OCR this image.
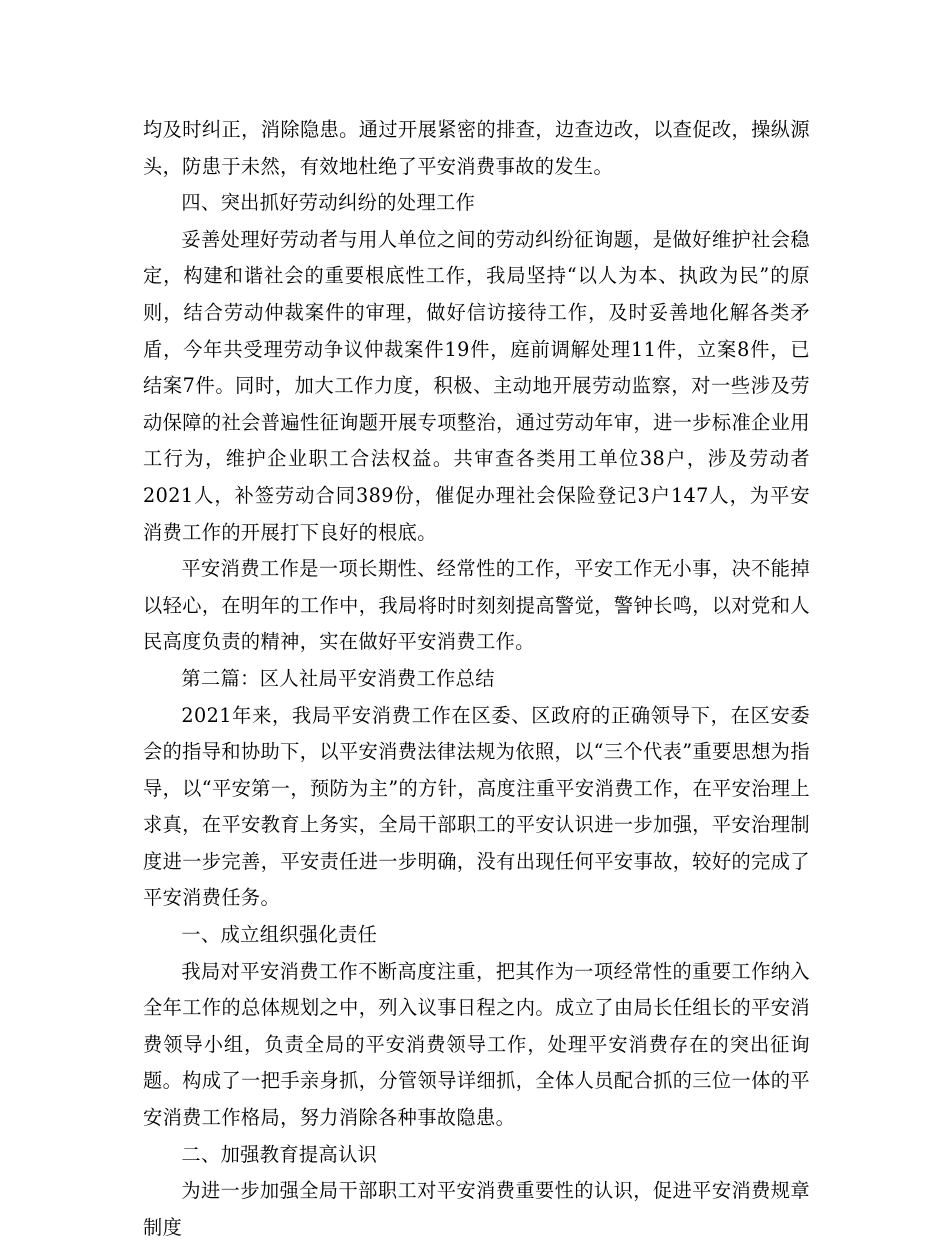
均及时纠正，消除隐患。通过开展紧密的排查，边查边改，以查促改，操纵源头，防患于未然，有效地杜绝了平安消费事故的发生。

四、突出抓好劳动纠纷的处理工作

妥善处理好劳动者与用人单位之间的劳动纠纷征询题，是做好维护社会稳定，构建和谐社会的重要根底性工作，我局坚持“以人为本、执政为民”的原则，结合劳动仲裁案件的审理，做好信访接待工作，及时妥善地化解各类矛盾，今年共受理劳动争议仲裁案件19件，庭前调解处理11件，立案8件，已结案7件。同时，加大工作力度，积极、主动地开展劳动监察，对一些涉及劳动保障的社会普遍性征询题开展专项整治，通过劳动年审，进一步标准企业用工行为，维护企业职工合法权益。共审查各类用工单位38户，涉及劳动者2021人，补签劳动合同389份，催促办理社会保险登记3户147人，为平安消费工作的开展打下良好的根底。

平安消费工作是一项长期性、经常性的工作，平安工作无小事，决不能掉以轻心，在明年的工作中，我局将时时刻刻提高警觉，警钟长鸣，以对党和人民高度负责的精神，实在做好平安消费工作。

第二篇：区人社局平安消费工作总结

2021年来，我局平安消费工作在区委、区政府的正确领导下，在区安委会的指导和协助下，以平安消费法律法规为依照，以“三个代表”重要思想为指导，以“平安第一，预防为主”的方针，高度注重平安消费工作，在平安治理上求真，在平安教育上务实，全局干部职工的平安认识进一步加强，平安治理制度进一步完善，平安责任进一步明确，没有出现任何平安事故，较好的完成了平安消费任务。

一、成立组织强化责任

我局对平安消费工作不断高度注重，把其作为一项经常性的重要工作纳入全年工作的总体规划之中，列入议事日程之内。成立了由局长任组长的平安消费领导小组，负责全局的平安消费领导工作，处理平安消费存在的突出征询题。构成了一把手亲身抓，分管领导详细抓，全体人员配合抓的三位一体的平安消费工作格局，努力消除各种事故隐患。

二、加强教育提高认识

为进一步加强全局干部职工对平安消费重要性的认识，促进平安消费规章制度
